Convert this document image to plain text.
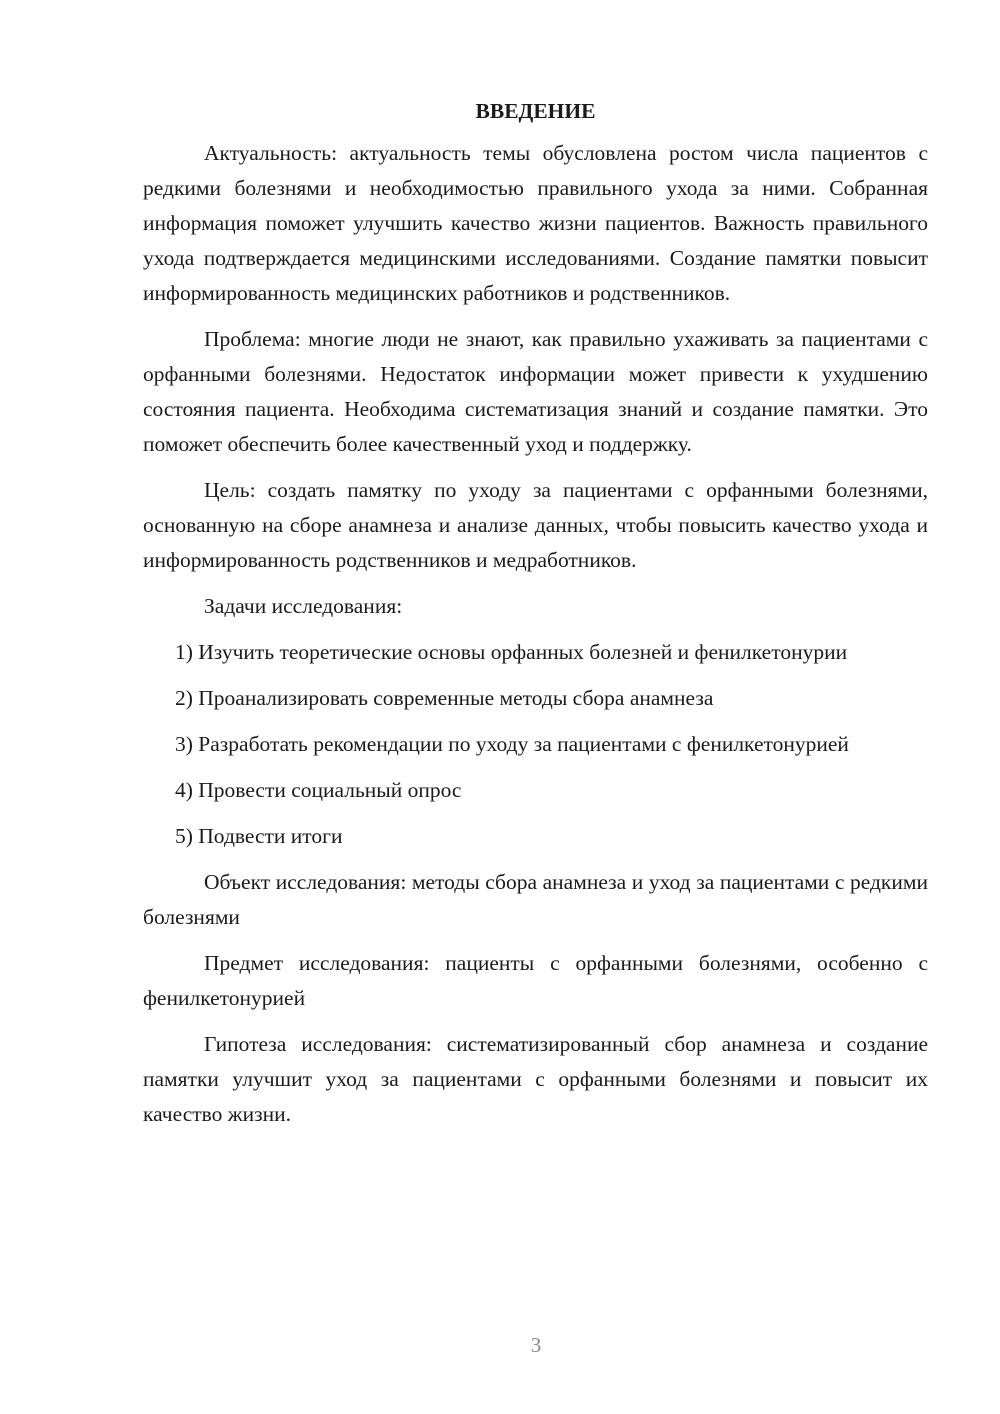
ВВЕДЕНИЕ

Актуальность: актуальность темы обусловлена ростом числа пациентов с редкими болезнями и необходимостью правильного ухода за ними. Собранная информация поможет улучшить качество жизни пациентов. Важность правильного ухода подтверждается медицинскими исследованиями. Создание памятки повысит информированность медицинских работников и родственников.

Проблема: многие люди не знают, как правильно ухаживать за пациентами с орфанными болезнями. Недостаток информации может привести к ухудшению состояния пациента. Необходима систематизация знаний и создание памятки. Это поможет обеспечить более качественный уход и поддержку.

Цель: создать памятку по уходу за пациентами с орфанными болезнями, основанную на сборе анамнеза и анализе данных, чтобы повысить качество ухода и информированность родственников и медработников.

Задачи исследования:

1) Изучить теоретические основы орфанных болезней и фенилкетонурии

2) Проанализировать современные методы сбора анамнеза

3) Разработать рекомендации по уходу за пациентами с фенилкетонурией

4) Провести социальный опрос

5) Подвести итоги

Объект исследования: методы сбора анамнеза и уход за пациентами с редкими болезнями

Предмет исследования: пациенты с орфанными болезнями, особенно с фенилкетонурией

Гипотеза исследования: систематизированный сбор анамнеза и создание памятки улучшит уход за пациентами с орфанными болезнями и повысит их качество жизни.

3
